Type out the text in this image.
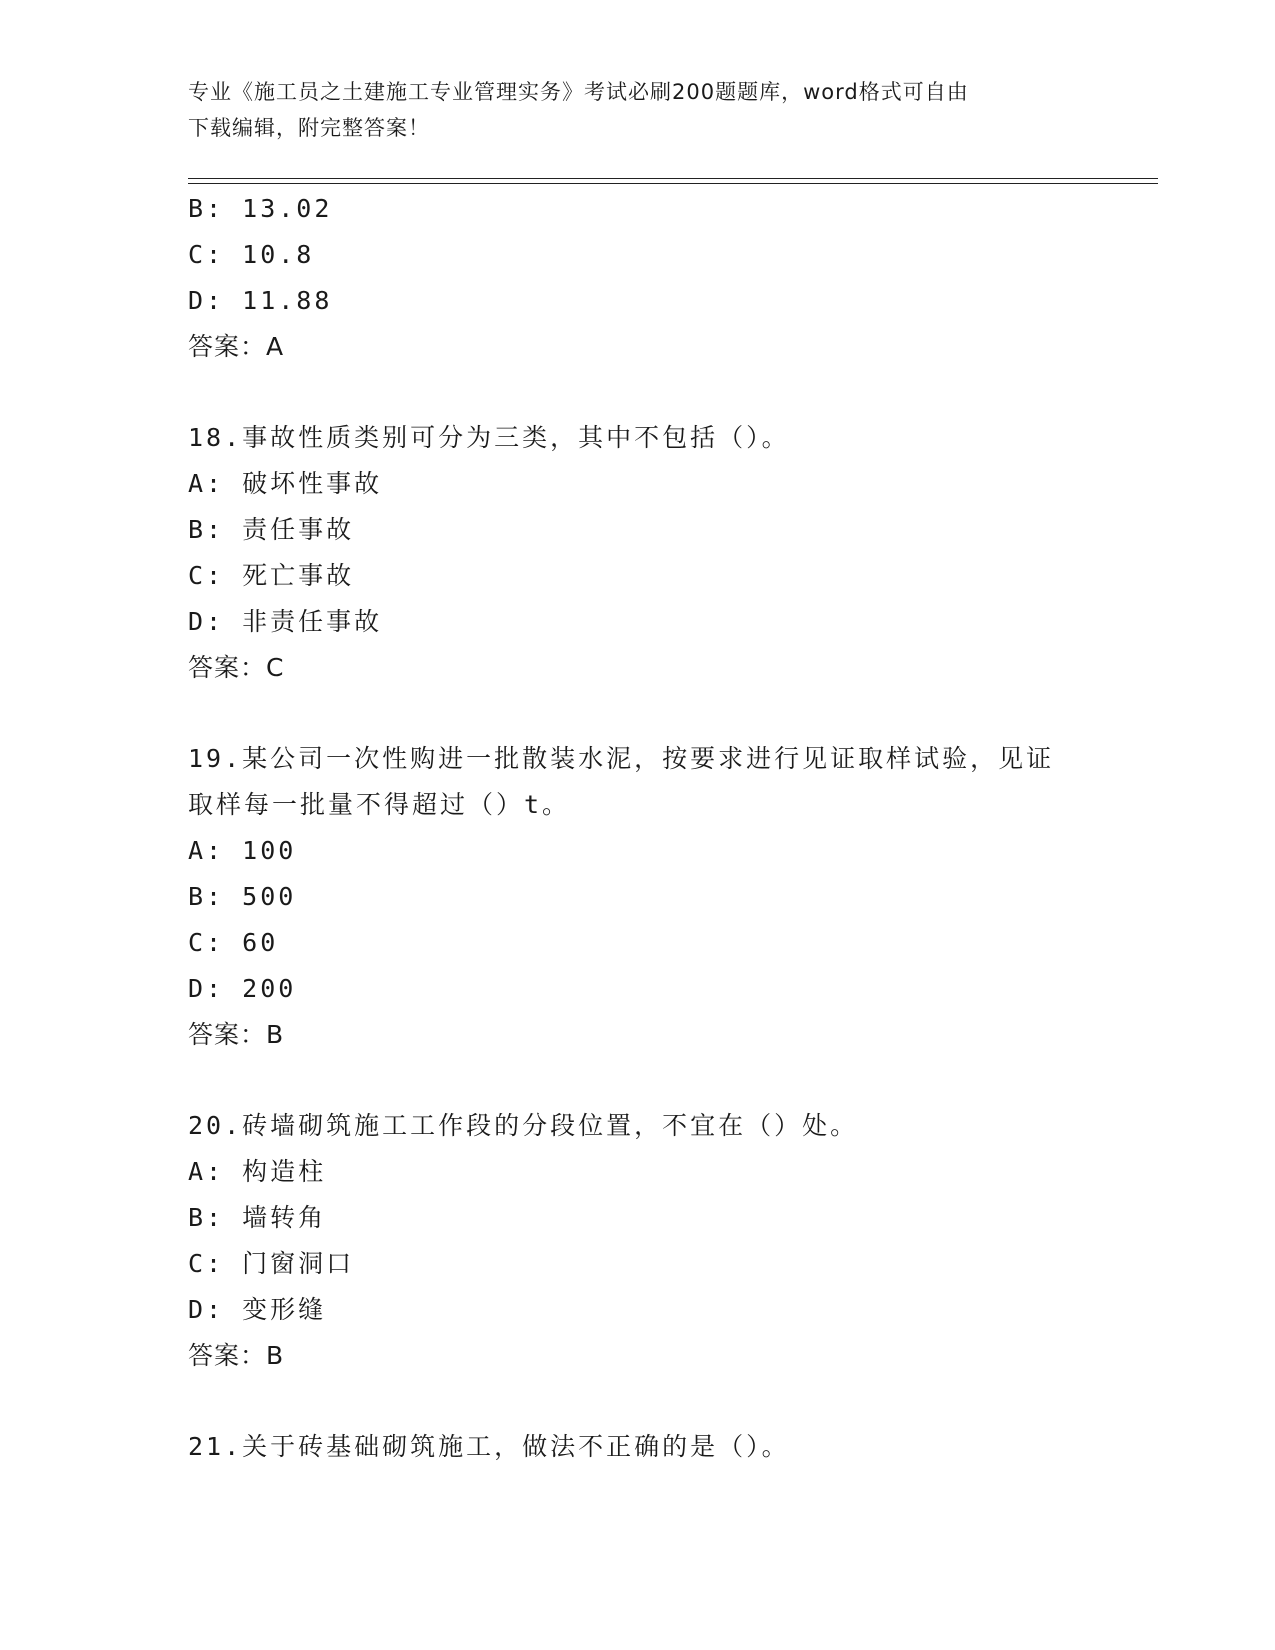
专业《施工员之土建施工专业管理实务》考试必刷200题题库，word格式可自由
下载编辑，附完整答案！
B: 13.02
C: 10.8
D: 11.88
答案：A
18.事故性质类别可分为三类，其中不包括（）。
A: 破坏性事故
B: 责任事故
C: 死亡事故
D: 非责任事故
答案：C
19.某公司一次性购进一批散装水泥，按要求进行见证取样试验，见证
取样每一批量不得超过（）t。
A: 100
B: 500
C: 60
D: 200
答案：B
20.砖墙砌筑施工工作段的分段位置，不宜在（）处。
A: 构造柱
B: 墙转角
C: 门窗洞口
D: 变形缝
答案：B
21.关于砖基础砌筑施工，做法不正确的是（）。
